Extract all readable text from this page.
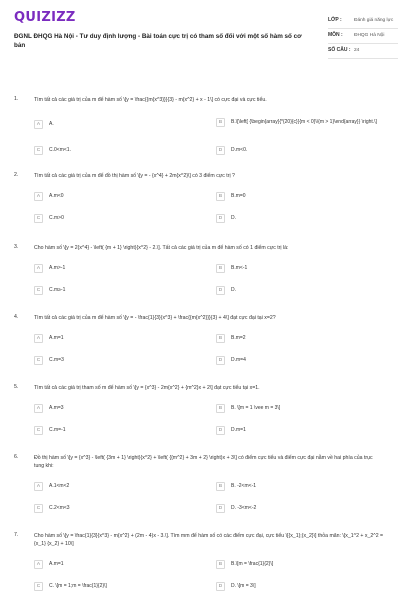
QUIZIZZ
ĐGNL ĐHQG Hà Nội - Tư duy định lượng - Bài toán cực trị có tham số đối với một số hàm số cơ bản
LỚP :	Đánh giá năng lực
MÔN :	ĐHQG Hà Nội
SỐ CÂU : 24
1.	Tìm tất cả các giá trị của m để hàm số \[y = \frac{{m{x^3}}}{3} - m{x^2} + x - 1\] có cực đại và cực tiểu.
A	A.	B	B.\[\left[ {\begin{array}{*{20}{c}}{m < 0}\\{m > 1}\end{array}} \right.\]
C	C.0<m<1.	D	D.m<0.
2.	Tìm tất cả các giá trị của m để đồ thị hàm số \[y = - {x^4} + 2m{x^2}\] có 3 điểm cực trị ?
A	A.m<0	B	B.m=0
C	C.m>0	D	D.
3.	Cho hàm số \[y = 2{x^4} - \left( {m + 1} \right){x^2} - 2.\]. Tất cả các giá trị của m để hàm số có 1 điểm cực trị là:
A	A.m>-1	B	B.m<-1
C	C.m≥-1	D	D.
4.	Tìm tất cả các giá trị của m để hàm số \[y = - \frac{1}{3}{x^3} + \frac{{m{x^2}}}{3} + 4\] đạt cực đại tại x=2?
A	A.m=1	B	B.m=2
C	C.m=3	D	D.m=4
5.	Tìm tất cả các giá trị tham số m để hàm số \[y = {x^3} - 2m{x^2} + {m^2}x + 2\] đạt cực tiểu tại x=1.
A	A.m=3	B	B. \[m = 1 \vee m = 3\]
C	C.m=-1	D	D.m=1
6.	Đồ thị hàm số \[y = {x^3} - \left( {3m + 1} \right){x^2} + \left( {{m^2} + 3m + 2} \right)x + 3\] có điểm cực tiểu và điểm cực đại nằm về hai phía của trục tung khi:
A	A.1<m<2	B	B. -2<m<-1
C	C.2<m<3	D	D. -3<m<-2
7.	Cho hàm số \[y = \frac{1}{3}{x^3} - m{x^2} + (2m - 4)x - 3.\]. Tìm mm để hàm số có các điểm cực đại, cực tiểu \[{x_1};{x_2}\] thỏa mãn: \[x_1^2 + x_2^2 = {x_1} {x_2} + 10\]
A	A.m=1	B	B.\[m = \frac{1}{2}\]
C	C. \[m = 1;m = \frac{1}{2}\]	D	D. \[m = 3\]
